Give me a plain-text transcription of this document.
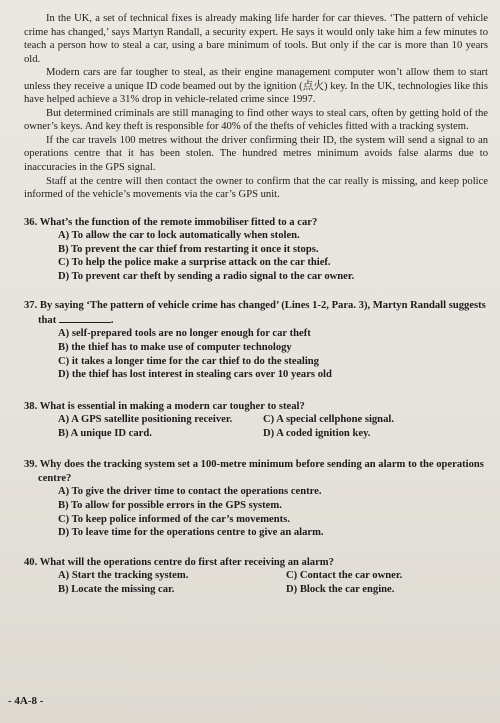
In the UK, a set of technical fixes is already making life harder for car thieves. ‘The pattern of vehicle crime has changed,’ says Martyn Randall, a security expert. He says it would only take him a few minutes to teach a person how to steal a car, using a bare minimum of tools. But only if the car is more than 10 years old.

Modern cars are far tougher to steal, as their engine management computer won’t allow them to start unless they receive a unique ID code beamed out by the ignition (点火) key. In the UK, technologies like this have helped achieve a 31% drop in vehicle-related crime since 1997.

But determined criminals are still managing to find other ways to steal cars, often by getting hold of the owner’s keys. And key theft is responsible for 40% of the thefts of vehicles fitted with a tracking system.

If the car travels 100 metres without the driver confirming their ID, the system will send a signal to an operations centre that it has been stolen. The hundred metres minimum avoids false alarms due to inaccuracies in the GPS signal.

Staff at the centre will then contact the owner to confirm that the car really is missing, and keep police informed of the vehicle’s movements via the car’s GPS unit.

36. What’s the function of the remote immobiliser fitted to a car?

A) To allow the car to lock automatically when stolen.

B) To prevent the car thief from restarting it once it stops.

C) To help the police make a surprise attack on the car thief.

D) To prevent car theft by sending a radio signal to the car owner.

37. By saying ‘The pattern of vehicle crime has changed’ (Lines 1-2, Para. 3), Martyn Randall suggests that	.

A) self-prepared tools are no longer enough for car theft

B) the thief has to make use of computer technology

C) it takes a longer time for the car thief to do the stealing

D) the thief has lost interest in stealing cars over 10 years old

38. What is essential in making a modern car tougher to steal?

A) A GPS satellite positioning receiver.	C) A special cellphone signal.

B) A unique ID card.	D) A coded ignition key.

39. Why does the tracking system set a 100-metre minimum before sending an alarm to the operations centre?

A) To give the driver time to contact the operations centre.

B) To allow for possible errors in the GPS system.

C) To keep police informed of the car’s movements.

D) To leave time for the operations centre to give an alarm.

40. What will the operations centre do first after receiving an alarm?

A) Start the tracking system.	C) Contact the car owner.

B) Locate the missing car.	D) Block the car engine.

- 4A-8 -
